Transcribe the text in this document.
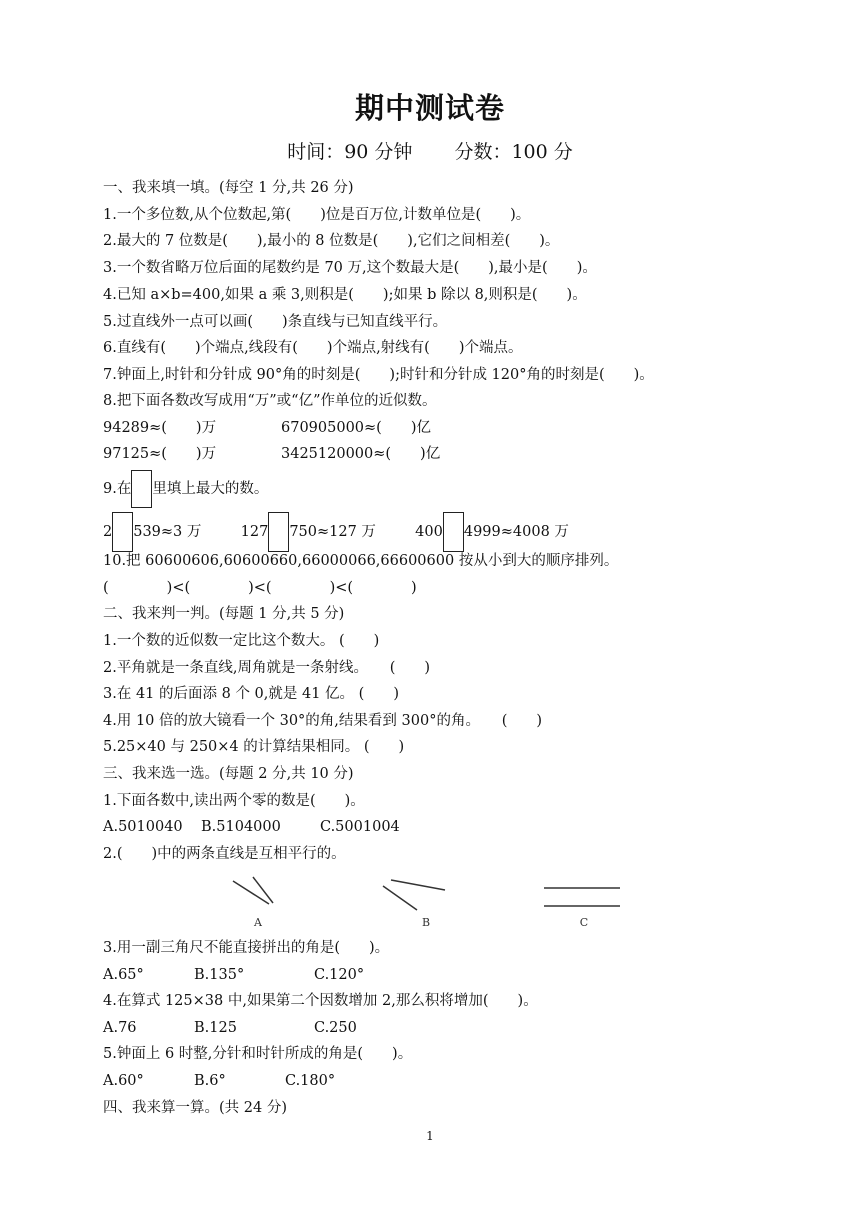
期中测试卷
时间：90 分钟 分数：100 分
一、我来填一填。(每空 1 分,共 26 分)
1.一个多位数,从个位数起,第(　　)位是百万位,计数单位是(　　)。
2.最大的 7 位数是(　　),最小的 8 位数是(　　),它们之间相差(　　)。
3.一个数省略万位后面的尾数约是 70 万,这个数最大是(　　),最小是(　　)。
4.已知 a×b=400,如果 a 乘 3,则积是(　　);如果 b 除以 8,则积是(　　)。
5.过直线外一点可以画(　　)条直线与已知直线平行。
6.直线有(　　)个端点,线段有(　　)个端点,射线有(　　)个端点。
7.钟面上,时针和分针成 90°角的时刻是(　　);时针和分针成 120°角的时刻是(　　)。
8.把下面各数改写成用“万”或“亿”作单位的近似数。
94289≈(　　)万	670905000≈(　　)亿
97125≈(　　)万	3425120000≈(　　)亿
9.在 里填上最大的数。
2 539≈3 万	127 750≈127 万	400 4999≈4008 万
10.把 60600606,60600660,66000066,66600600 按从小到大的顺序排列。
(　　　　)<(　　　　)<(　　　　)<(　　　　)
二、我来判一判。(每题 1 分,共 5 分)
1.一个数的近似数一定比这个数大。 (　　)
2.平角就是一条直线,周角就是一条射线。　　(　　)
3.在 41 的后面添 8 个 0,就是 41 亿。 (　　)
4.用 10 倍的放大镜看一个 30°的角,结果看到 300°的角。　　(　　)
5.25×40 与 250×4 的计算结果相同。 (　　)
三、我来选一选。(每题 2 分,共 10 分)
1.下面各数中,读出两个零的数是(　　)。
A.5010040 B.5104000	C.5001004
2.(　　)中的两条直线是互相平行的。
A	B	C
3.用一副三角尺不能直接拼出的角是(　　)。
A.65°	B.135°	C.120°
4.在算式 125×38 中,如果第二个因数增加 2,那么积将增加(　　)。
A.76	B.125	C.250
5.钟面上 6 时整,分针和时针所成的角是(　　)。
A.60°	B.6°	C.180°
四、我来算一算。(共 24 分)
1
